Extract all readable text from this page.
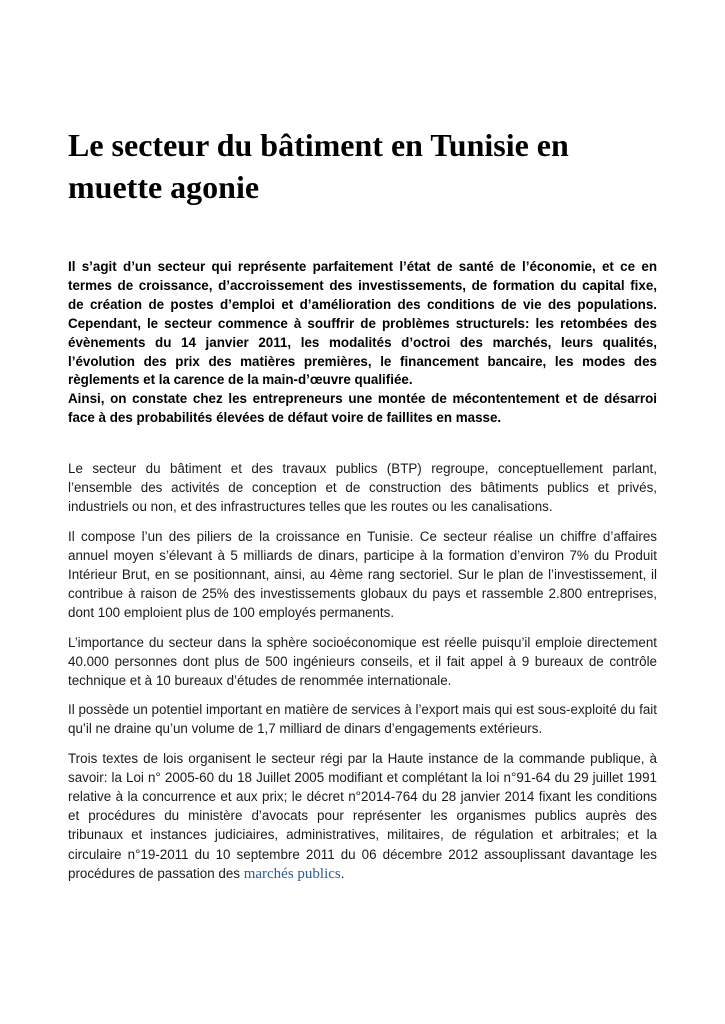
Le secteur du bâtiment en Tunisie en muette agonie

Il s’agit d’un secteur qui représente parfaitement l’état de santé de l’économie, et ce en termes de croissance, d’accroissement des investissements, de formation du capital fixe, de création de postes d’emploi et d’amélioration des conditions de vie des populations. Cependant, le secteur commence à souffrir de problèmes structurels: les retombées des évènements du 14 janvier 2011, les modalités d’octroi des marchés, leurs qualités, l’évolution des prix des matières premières, le financement bancaire, les modes des règlements et la carence de la main-d’œuvre qualifiée.

Ainsi, on constate chez les entrepreneurs une montée de mécontentement et de désarroi face à des probabilités élevées de défaut voire de faillites en masse.

Le secteur du bâtiment et des travaux publics (BTP) regroupe, conceptuellement parlant, l’ensemble des activités de conception et de construction des bâtiments publics et privés, industriels ou non, et des infrastructures telles que les routes ou les canalisations.

Il compose l’un des piliers de la croissance en Tunisie. Ce secteur réalise un chiffre d’affaires annuel moyen s’élevant à 5 milliards de dinars, participe à la formation d’environ 7% du Produit Intérieur Brut, en se positionnant, ainsi, au 4ème rang sectoriel. Sur le plan de l’investissement, il contribue à raison de 25% des investissements globaux du pays et rassemble 2.800 entreprises, dont 100 emploient plus de 100 employés permanents.

L’importance du secteur dans la sphère socioéconomique est réelle puisqu’il emploie directement 40.000 personnes dont plus de 500 ingénieurs conseils, et il fait appel à 9 bureaux de contrôle technique et à 10 bureaux d’études de renommée internationale.

Il possède un potentiel important en matière de services à l’export mais qui est sous-exploité du fait qu’il ne draine qu’un volume de 1,7 milliard de dinars d’engagements extérieurs.

Trois textes de lois organisent le secteur régi par la Haute instance de la commande publique, à savoir: la Loi n° 2005-60 du 18 Juillet 2005 modifiant et complétant la loi n°91-64 du 29 juillet 1991 relative à la concurrence et aux prix; le décret n°2014-764 du 28 janvier 2014 fixant les conditions et procédures du ministère d’avocats pour représenter les organismes publics auprès des tribunaux et instances judiciaires, administratives, militaires, de régulation et arbitrales; et la circulaire n°19-2011 du 10 septembre 2011 du 06 décembre 2012 assouplissant davantage les procédures de passation des marchés publics.
